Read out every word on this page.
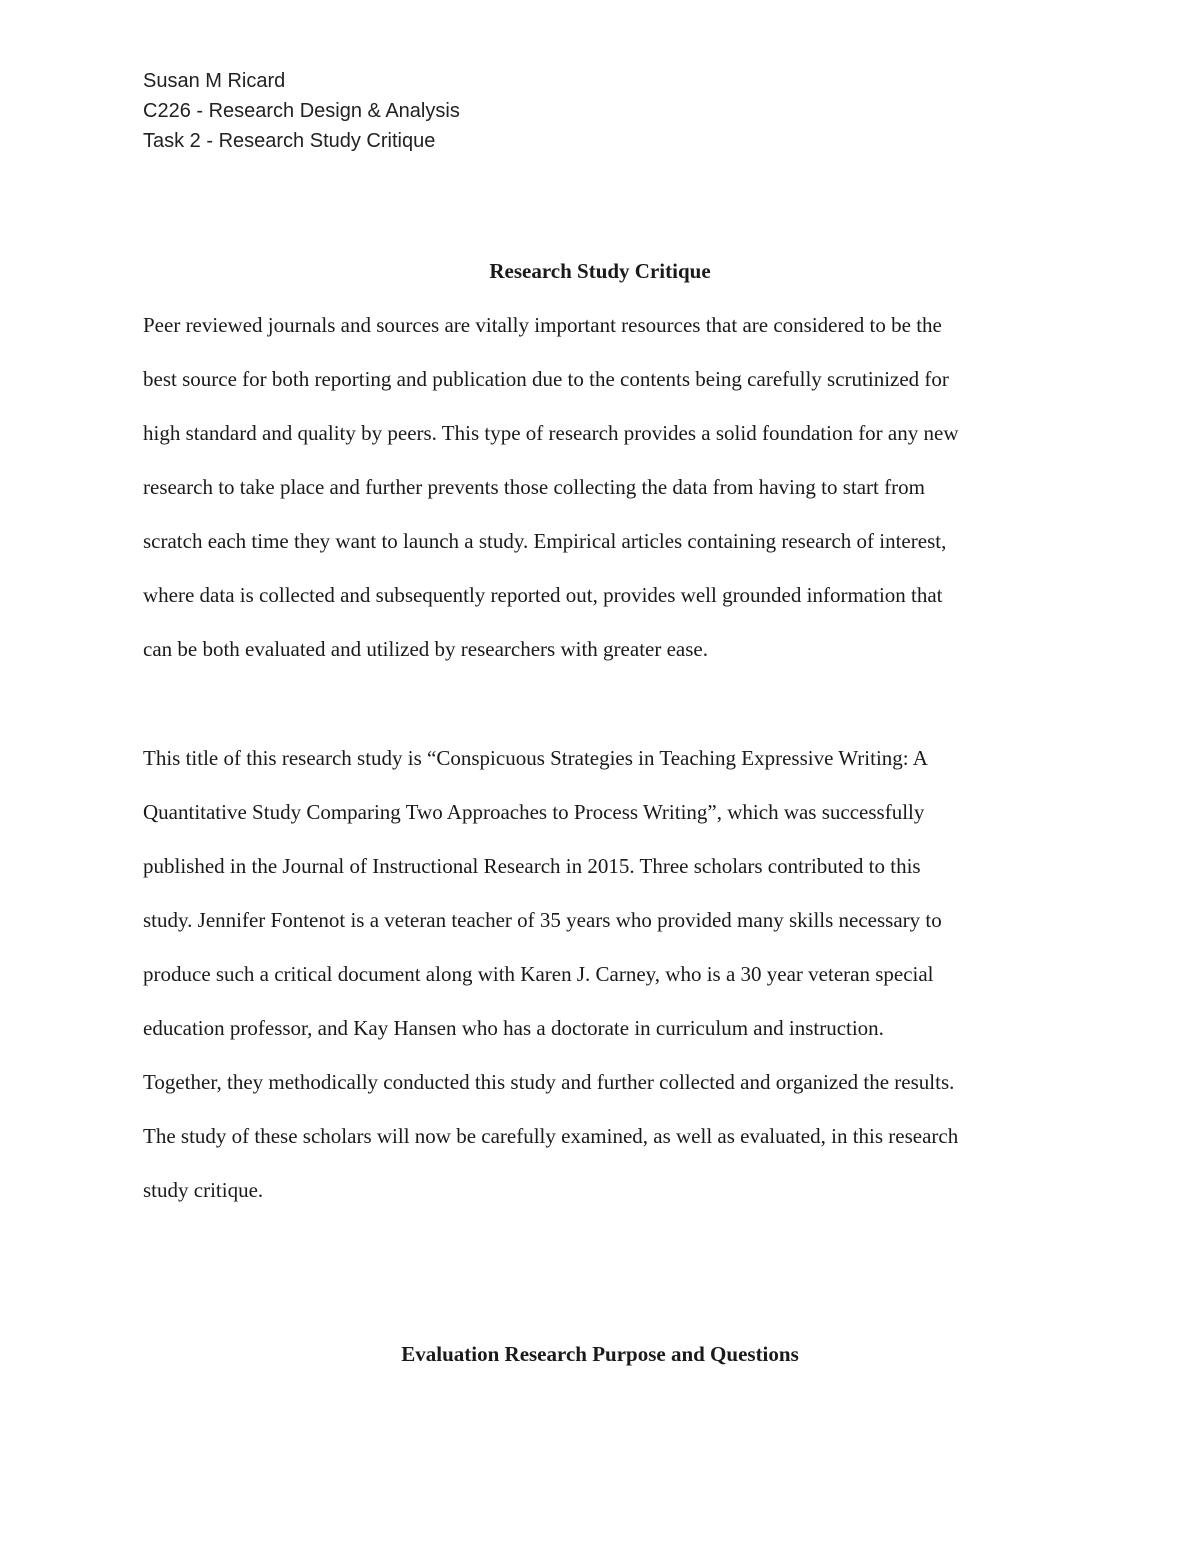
Susan M Ricard
C226 - Research Design & Analysis
Task 2 - Research Study Critique
Research Study Critique
Peer reviewed journals and sources are vitally important resources that are considered to be the
best source for both reporting and publication due to the contents being carefully scrutinized for
high standard and quality by peers. This type of research provides a solid foundation for any new
research to take place and further prevents those collecting the data from having to start from
scratch each time they want to launch a study. Empirical articles containing research of interest,
where data is collected and subsequently reported out, provides well grounded information that
can be both evaluated and utilized by researchers with greater ease.
This title of this research study is “Conspicuous Strategies in Teaching Expressive Writing: A
Quantitative Study Comparing Two Approaches to Process Writing”, which was successfully
published in the Journal of Instructional Research in 2015. Three scholars contributed to this
study. Jennifer Fontenot is a veteran teacher of 35 years who provided many skills necessary to
produce such a critical document along with Karen J. Carney, who is a 30 year veteran special
education professor, and Kay Hansen who has a doctorate in curriculum and instruction.
Together, they methodically conducted this study and further collected and organized the results.
The study of these scholars will now be carefully examined, as well as evaluated, in this research
study critique.
Evaluation Research Purpose and Questions
